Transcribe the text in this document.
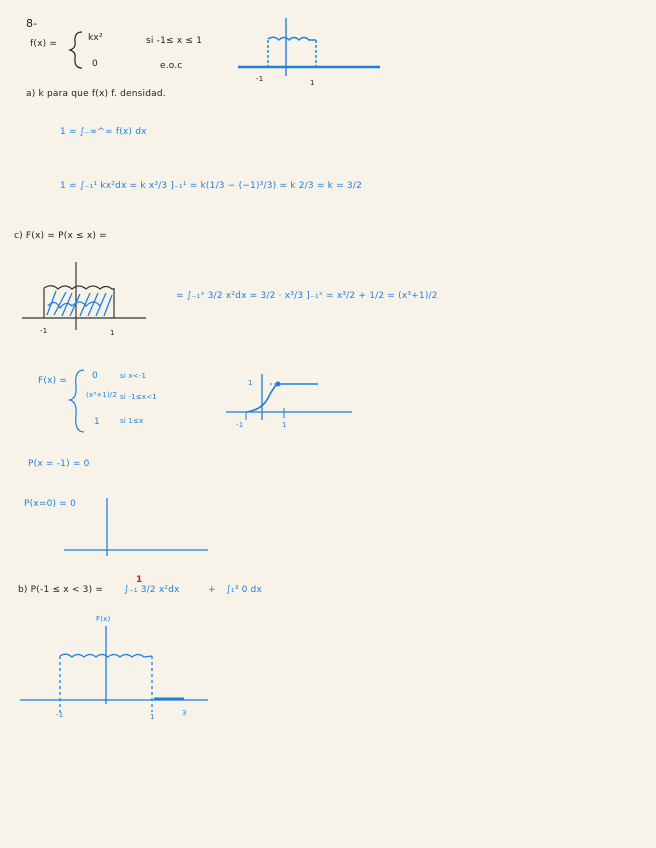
8-
f(x) =
kx²	si -1≤ x ≤ 1
0	e.o.c
-1	1
a) k para que f(x) f. densidad.
1 = ∫₋∞^∞ f(x) dx
1 = ∫₋₁¹ kx²dx = k x³/3 ]₋₁¹ = k(1/3 − (−1)³/3) = k 2/3 = k = 3/2
c) F(x) = P(x ≤ x) =
= ∫₋₁ˣ 3/2 x²dx = 3/2 · x³/3 ]₋₁ˣ = x³/2 + 1/2 = (x³+1)/2
-1	1
F(x) =	0	si x<-1
(x³+1)/2 si -1≤x<1
1	si 1≤x
1
-1	1
P(x = -1) = 0
P(x=0) = 0
b) P(-1 ≤ x < 3) = ∫₋₁ 3/2 x²dx
1
+ ∫₁³ 0 dx
F(x)
-1	1	3
